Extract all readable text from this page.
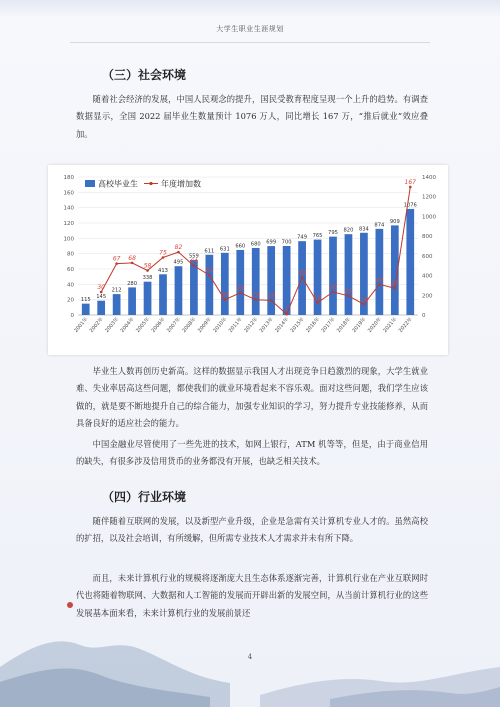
大学生职业生涯规划
（三）社会环境

随着社会经济的发展，中国人民观念的提升，国民受教育程度呈现一个上升的趋势。有调查数据显示，全国 2022 届毕业生数量预计 1076 万人，同比增长 167 万，“推后就业”效应叠加。

0
20
40
60
80
100
120
140
160
180
0
200
400
600
800
1000
1200
1400
115
2001年
145
2002年
212
2003年
280
2004年
338
2005年
413
2006年
495
2007年
559
2008年
611
2009年
631
2010年
660
2011年
680
2012年
699
2013年
700
2014年
749
2015年
765
2016年
795
2017年
820
2018年
834
2019年
874
2020年
909
2021年
1076
2022年
30
67 68
58
75
82
64
52
20
29
20 19
1
49
16
30
25
14
40
35
167
高校毕业生	年度增加数

毕业生人数再创历史新高。这样的数据显示我国人才出现竞争日趋激烈的现象，大学生就业难、失业率居高这些问题，都使我们的就业环境看起来不容乐观。面对这些问题，我们学生应该做的，就是要不断地提升自己的综合能力，加强专业知识的学习，努力提升专业技能修养，从而具备良好的适应社会的能力。

中国金融业尽管使用了一些先进的技术，如网上银行，ATM 机等等，但是，由于商业信用的缺失，有很多涉及信用货币的业务都没有开展，也缺乏相关技术。

（四）行业环境

随伴随着互联网的发展，以及新型产业升级，企业是急需有关计算机专业人才的。虽然高校的扩招，以及社会培训，有所缓解，但所需专业技术人才需求并未有所下降。

而且，未来计算机行业的规模将逐渐庞大且生态体系逐渐完善，计算机行业在产业互联网时代也将随着物联网、大数据和人工智能的发展而开辟出新的发展空间，从当前计算机行业的这些发展基本面来看，未来计算机行业的发展前景还

4
